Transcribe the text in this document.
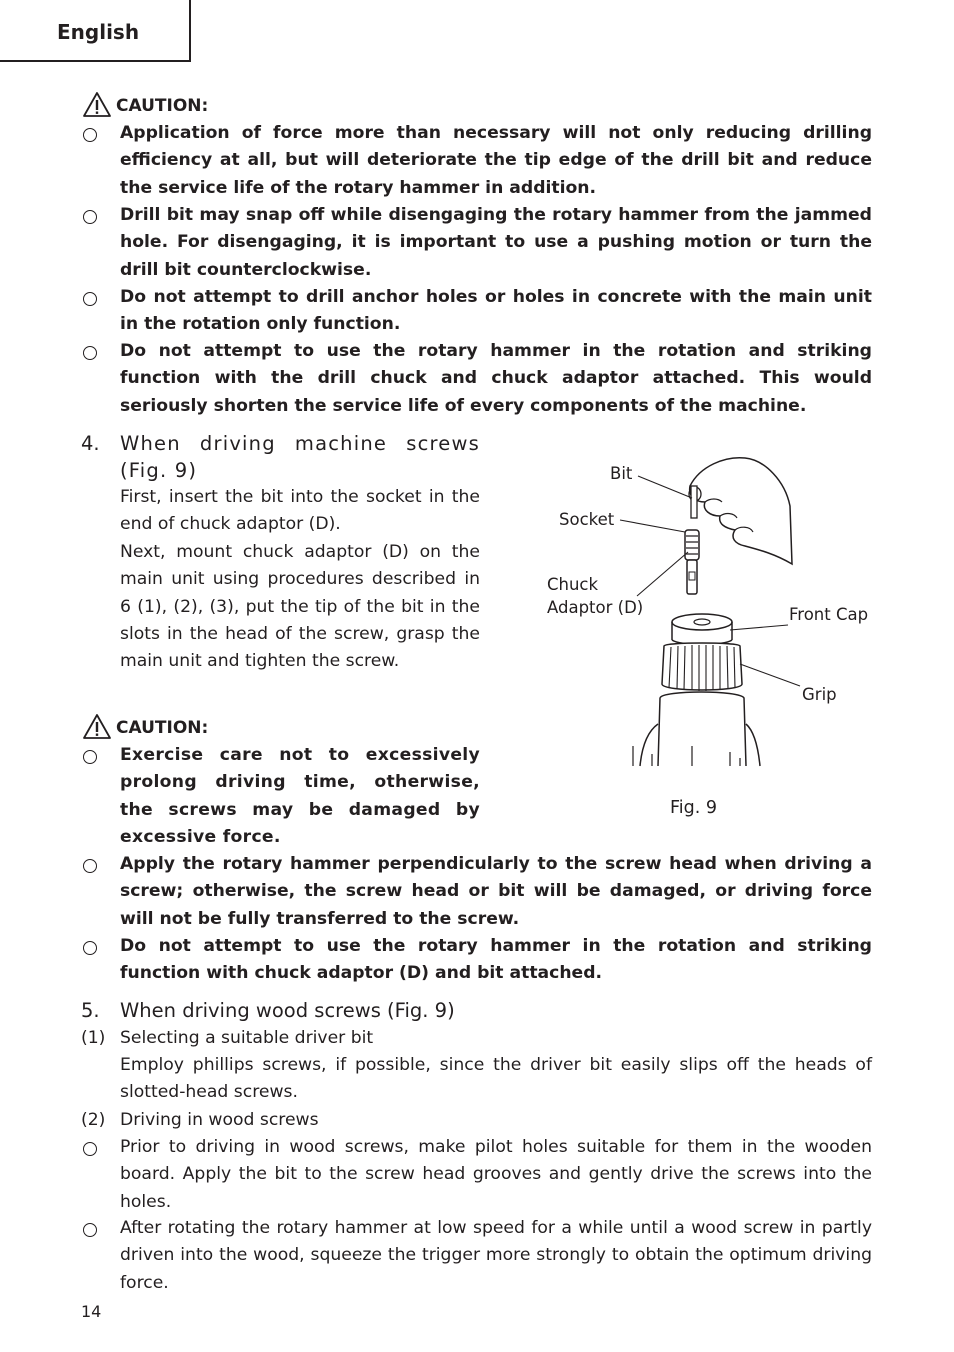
English
CAUTION:
Application of force more than necessary will not only reducing drilling efficiency at all, but will deteriorate the tip edge of the drill bit and reduce the service life of the rotary hammer in addition.
Drill bit may snap off while disengaging the rotary hammer from the jammed hole. For disengaging, it is important to use a pushing motion or turn the drill bit counterclockwise.
Do not attempt to drill anchor holes or holes in concrete with the main unit in the rotation only function.
Do not attempt to use the rotary hammer in the rotation and striking function with the drill chuck and chuck adaptor attached. This would seriously shorten the service life of every components of the machine.
4. When driving machine screws (Fig. 9)
First, insert the bit into the socket in the end of chuck adaptor (D).
Next, mount chuck adaptor (D) on the main unit using procedures described in 6 (1), (2), (3), put the tip of the bit in the slots in the head of the screw, grasp the main unit and tighten the screw.
CAUTION:
Exercise care not to excessively prolong driving time, otherwise, the screws may be damaged by excessive force.
Apply the rotary hammer perpendicularly to the screw head when driving a screw; otherwise, the screw head or bit will be damaged, or driving force will not be fully transferred to the screw.
Do not attempt to use the rotary hammer in the rotation and striking function with chuck adaptor (D) and bit attached.
Bit
Socket
Chuck
Adaptor (D)	Front Cap
Grip
Fig. 9
5. When driving wood screws (Fig. 9)
(1) Selecting a suitable driver bit
Employ phillips screws, if possible, since the driver bit easily slips off the heads of slotted-head screws.
(2) Driving in wood screws
Prior to driving in wood screws, make pilot holes suitable for them in the wooden board. Apply the bit to the screw head grooves and gently drive the screws into the holes.
After rotating the rotary hammer at low speed for a while until a wood screw in partly driven into the wood, squeeze the trigger more strongly to obtain the optimum driving force.
14
